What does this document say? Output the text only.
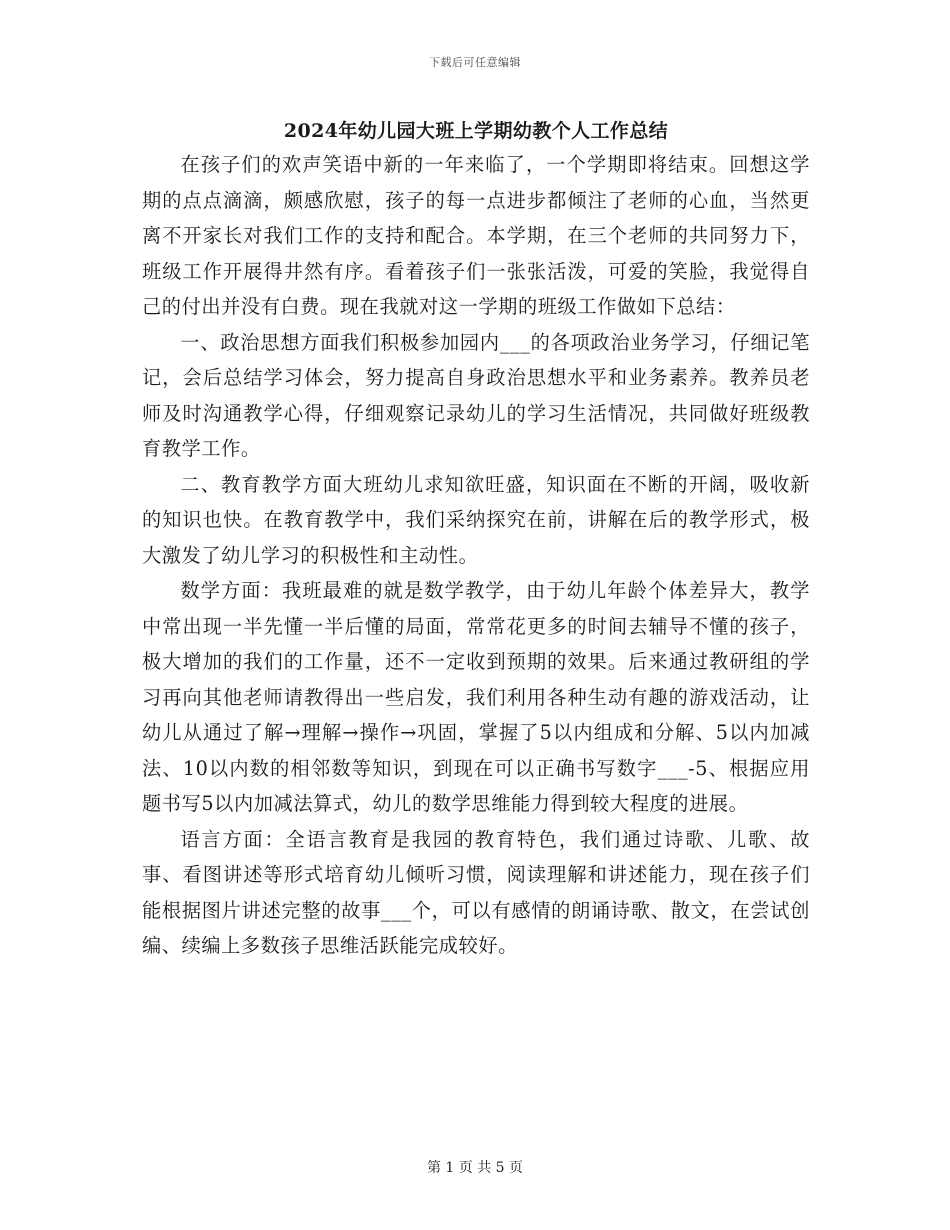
下载后可任意编辑
2024年幼儿园大班上学期幼教个人工作总结

在孩子们的欢声笑语中新的一年来临了，一个学期即将结束。回想这学期的点点滴滴，颇感欣慰，孩子的每一点进步都倾注了老师的心血，当然更离不开家长对我们工作的支持和配合。本学期，在三个老师的共同努力下，班级工作开展得井然有序。看着孩子们一张张活泼，可爱的笑脸，我觉得自己的付出并没有白费。现在我就对这一学期的班级工作做如下总结：

一、政治思想方面我们积极参加园内___的各项政治业务学习，仔细记笔记，会后总结学习体会，努力提高自身政治思想水平和业务素养。教养员老师及时沟通教学心得，仔细观察记录幼儿的学习生活情况，共同做好班级教育教学工作。

二、教育教学方面大班幼儿求知欲旺盛，知识面在不断的开阔，吸收新的知识也快。在教育教学中，我们采纳探究在前，讲解在后的教学形式，极大激发了幼儿学习的积极性和主动性。

数学方面：我班最难的就是数学教学，由于幼儿年龄个体差异大，教学中常出现一半先懂一半后懂的局面，常常花更多的时间去辅导不懂的孩子，极大增加的我们的工作量，还不一定收到预期的效果。后来通过教研组的学习再向其他老师请教得出一些启发，我们利用各种生动有趣的游戏活动，让幼儿从通过了解→理解→操作→巩固，掌握了5以内组成和分解、5以内加减法、10以内数的相邻数等知识，到现在可以正确书写数字___-5、根据应用题书写5以内加减法算式，幼儿的数学思维能力得到较大程度的进展。

语言方面：全语言教育是我园的教育特色，我们通过诗歌、儿歌、故事、看图讲述等形式培育幼儿倾听习惯，阅读理解和讲述能力，现在孩子们能根据图片讲述完整的故事___个，可以有感情的朗诵诗歌、散文，在尝试创编、续编上多数孩子思维活跃能完成较好。

第 1 页 共 5 页
